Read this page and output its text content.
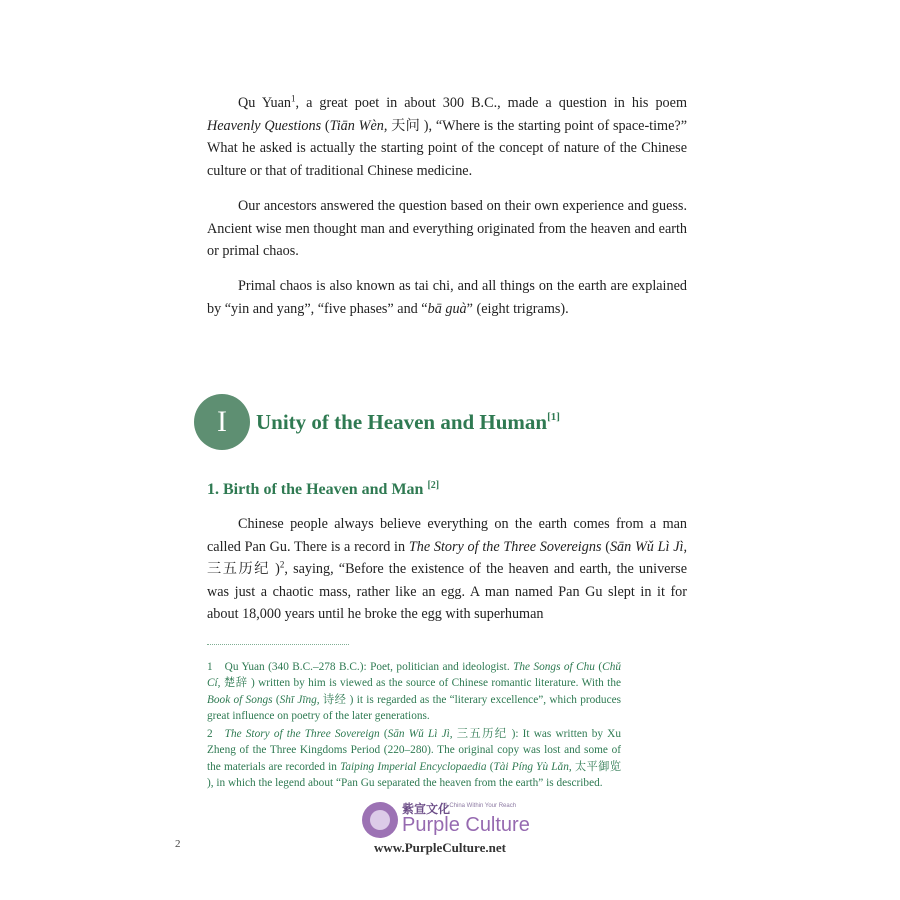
Qu Yuan$^1$, a great poet in about 300 B.C., made a question in his poem Heavenly Questions (Tiān Wèn, 天问 ), “Where is the starting point of space-time?” What he asked is actually the starting point of the concept of nature of the Chinese culture or that of traditional Chinese medicine.

Our ancestors answered the question based on their own experience and guess. Ancient wise men thought man and everything originated from the heaven and earth or primal chaos.

Primal chaos is also known as tai chi, and all things on the earth are explained by “yin and yang”, “five phases” and “bā guà” (eight trigrams).

I Unity of the Heaven and Human[1]
1. Birth of the Heaven and Man [2]

Chinese people always believe everything on the earth comes from a man called Pan Gu. There is a record in The Story of the Three Sovereigns (Sān Wǔ Lì Jì, 三五历纪 )$^2$, saying, “Before the existence of the heaven and earth, the universe was just a chaotic mass, rather like an egg. A man named Pan Gu slept in it for about 18,000 years until he broke the egg with superhuman

1 Qu Yuan (340 B.C.–278 B.C.): Poet, politician and ideologist. The Songs of Chu (Chǔ Cí, 楚辞 ) written by him is viewed as the source of Chinese romantic literature. With the Book of Songs (Shī Jīng, 诗经 ) it is regarded as the “literary excellence”, which produces great influence on poetry of the later generations.

2 The Story of the Three Sovereign (Sān Wǔ Lì Jì, 三五历纪 ): It was written by Xu Zheng of the Three Kingdoms Period (220–280). The original copy was lost and some of the materials are recorded in Taiping Imperial Encyclopaedia (Tài Píng Yù Lǎn, 太平御览 ), in which the legend about “Pan Gu separated the heaven from the earth” is described.

2
紫宣文化
A China Within Your Reach
Purple Culture
www.PurpleCulture.net
